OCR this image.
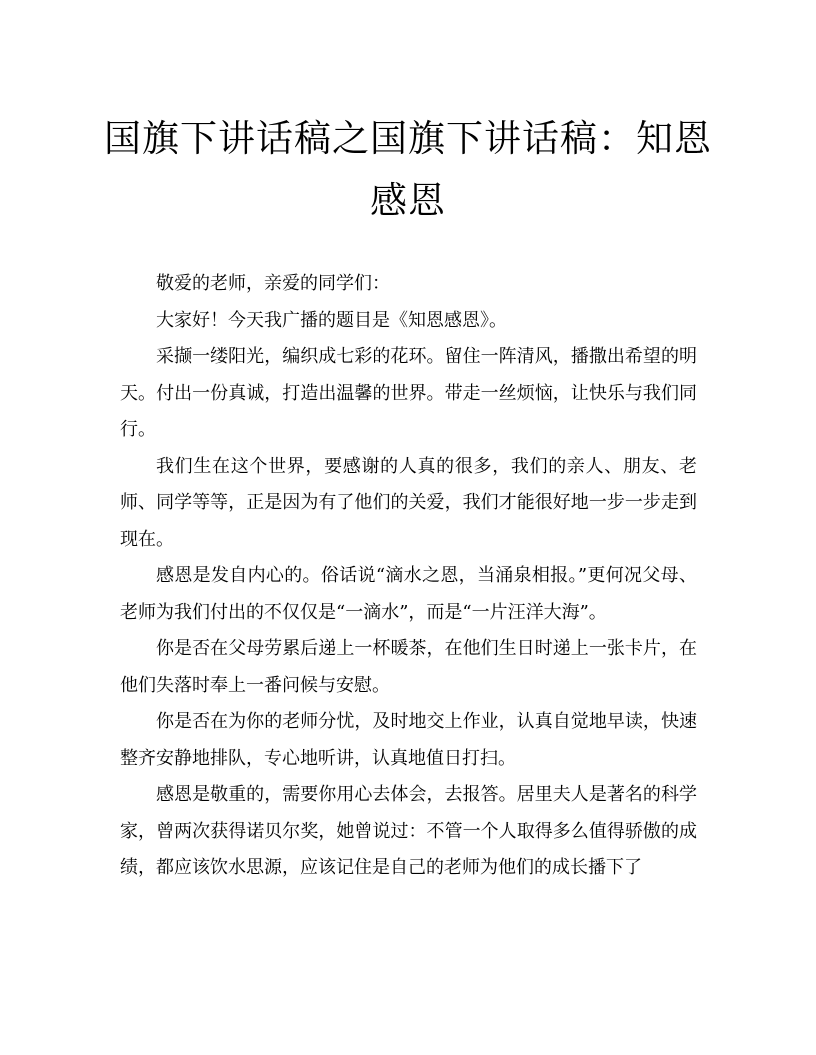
国旗下讲话稿之国旗下讲话稿：知恩感恩

敬爱的老师，亲爱的同学们：

大家好！今天我广播的题目是《知恩感恩》。

采撷一缕阳光，编织成七彩的花环。留住一阵清风，播撒出希望的明天。付出一份真诚，打造出温馨的世界。带走一丝烦恼，让快乐与我们同行。

我们生在这个世界，要感谢的人真的很多，我们的亲人、朋友、老师、同学等等，正是因为有了他们的关爱，我们才能很好地一步一步走到现在。

感恩是发自内心的。俗话说“滴水之恩，当涌泉相报。”更何况父母、老师为我们付出的不仅仅是“一滴水”，而是“一片汪洋大海”。

你是否在父母劳累后递上一杯暖茶，在他们生日时递上一张卡片，在他们失落时奉上一番问候与安慰。

你是否在为你的老师分忧，及时地交上作业，认真自觉地早读，快速整齐安静地排队，专心地听讲，认真地值日打扫。

感恩是敬重的，需要你用心去体会，去报答。居里夫人是著名的科学家，曾两次获得诺贝尔奖，她曾说过：不管一个人取得多么值得骄傲的成绩，都应该饮水思源，应该记住是自己的老师为他们的成长播下了
